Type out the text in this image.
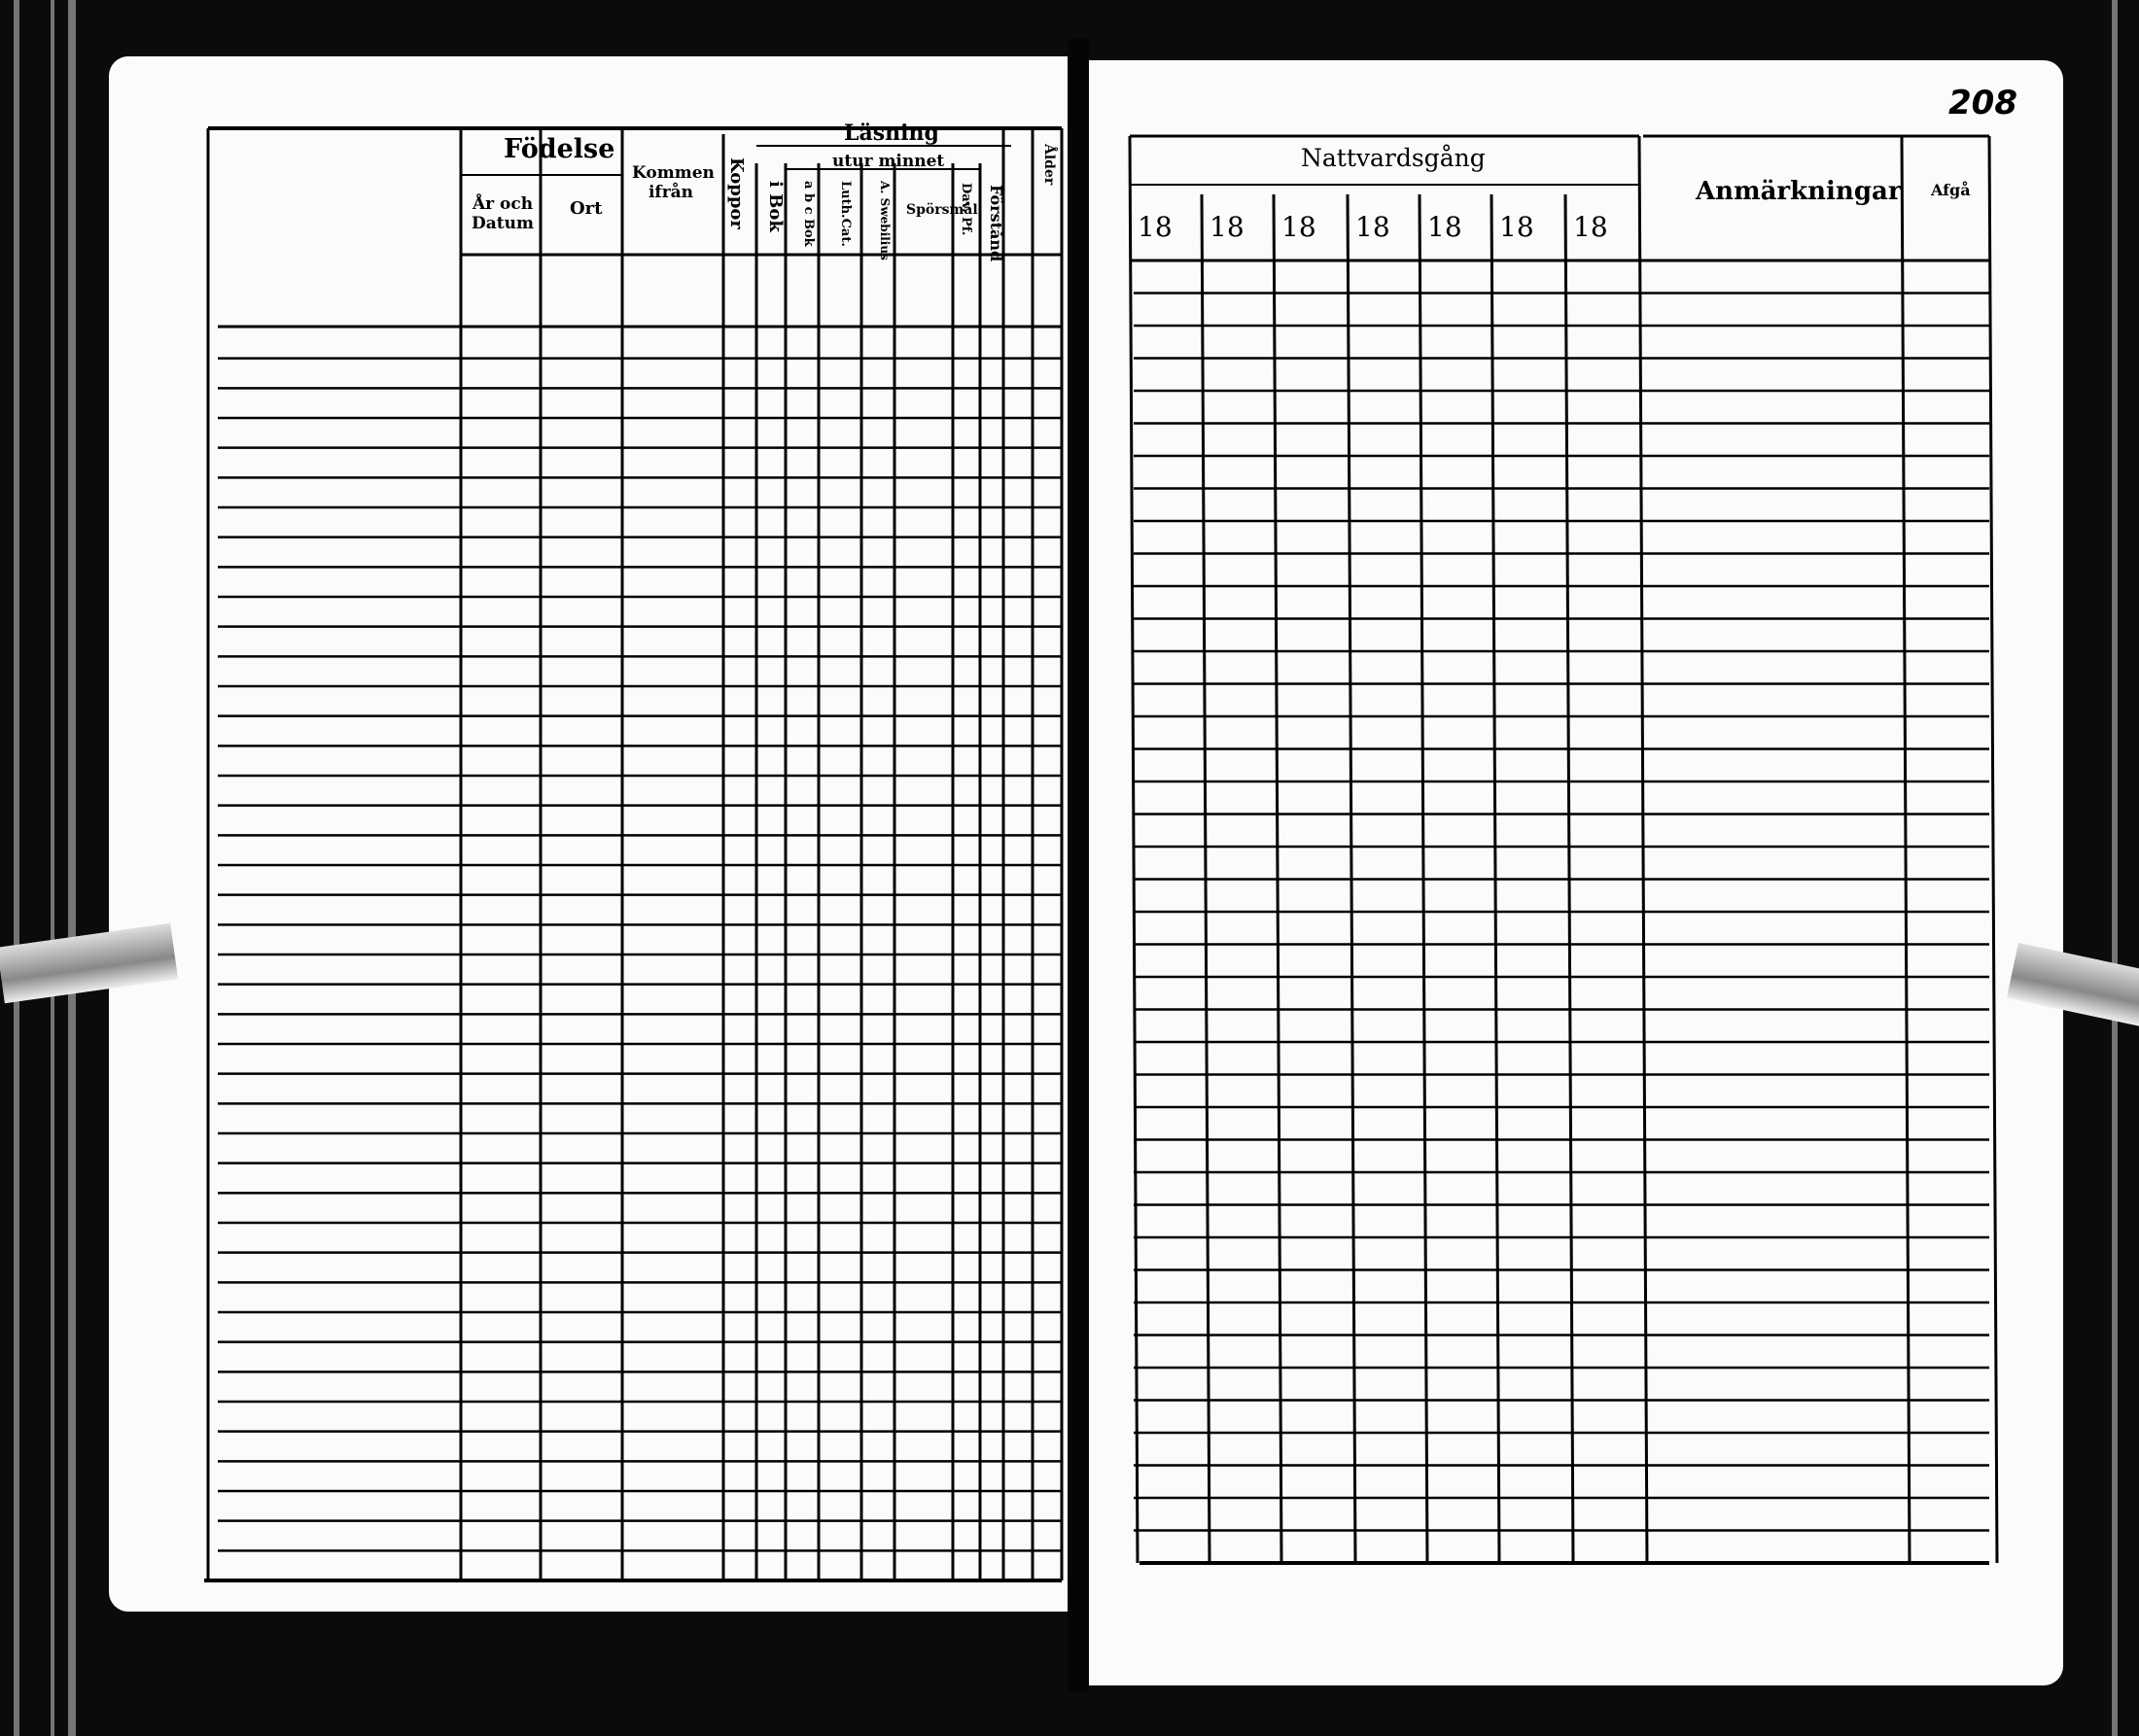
Födelse
År och Datum
Ort
Kommen ifrån	Koppor
Läsning
i Bok
utur minnet
a b c Bok Luth.Cat. A. Swebilius Spörsmål
Dav. Pf. Förstånd
Ålder
208
Nattvardsgång
Anmärkningar Afgå
18 18 18 18 18 18 18
